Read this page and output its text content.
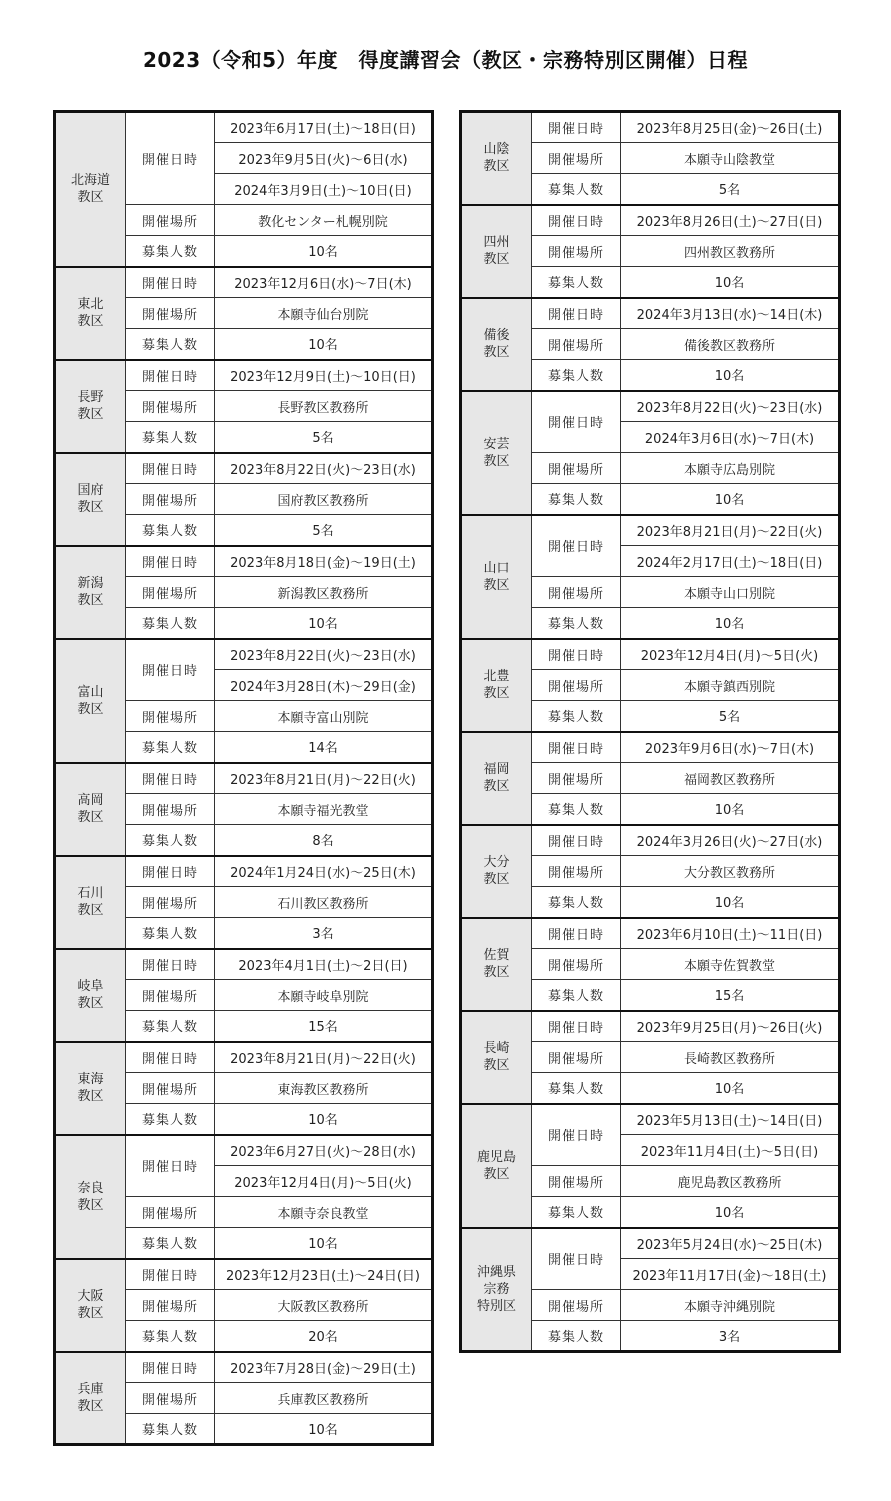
2023（令和5）年度　得度講習会（教区・宗務特別区開催）日程
北海道
教区	開催日時	2023年6月17日(土)～18日(日)
		2023年9月5日(火)～6日(水)
		2024年3月9日(土)～10日(日)
	開催場所	教化センター札幌別院
	募集人数	10名
東北
教区	開催日時	2023年12月6日(水)～7日(木)
	開催場所	本願寺仙台別院
	募集人数	10名
長野
教区	開催日時	2023年12月9日(土)～10日(日)
	開催場所	長野教区教務所
	募集人数	5名
国府
教区	開催日時	2023年8月22日(火)～23日(水)
	開催場所	国府教区教務所
	募集人数	5名
新潟
教区	開催日時	2023年8月18日(金)～19日(土)
	開催場所	新潟教区教務所
	募集人数	10名
富山
教区	開催日時	2023年8月22日(火)～23日(水)
		2024年3月28日(木)～29日(金)
	開催場所	本願寺富山別院
	募集人数	14名
高岡
教区	開催日時	2023年8月21日(月)～22日(火)
	開催場所	本願寺福光教堂
	募集人数	8名
石川
教区	開催日時	2024年1月24日(水)～25日(木)
	開催場所	石川教区教務所
	募集人数	3名
岐阜
教区	開催日時	2023年4月1日(土)～2日(日)
	開催場所	本願寺岐阜別院
	募集人数	15名
東海
教区	開催日時	2023年8月21日(月)～22日(火)
	開催場所	東海教区教務所
	募集人数	10名
奈良
教区	開催日時	2023年6月27日(火)～28日(水)
		2023年12月4日(月)～5日(火)
	開催場所	本願寺奈良教堂
	募集人数	10名
大阪
教区	開催日時	2023年12月23日(土)～24日(日)
	開催場所	大阪教区教務所
	募集人数	20名
兵庫
教区	開催日時	2023年7月28日(金)～29日(土)
	開催場所	兵庫教区教務所
	募集人数	10名
山陰
教区	開催日時	2023年8月25日(金)～26日(土)
	開催場所	本願寺山陰教堂
	募集人数	5名
四州
教区	開催日時	2023年8月26日(土)～27日(日)
	開催場所	四州教区教務所
	募集人数	10名
備後
教区	開催日時	2024年3月13日(水)～14日(木)
	開催場所	備後教区教務所
	募集人数	10名
安芸
教区	開催日時	2023年8月22日(火)～23日(水)
		2024年3月6日(水)～7日(木)
	開催場所	本願寺広島別院
	募集人数	10名
山口
教区	開催日時	2023年8月21日(月)～22日(火)
		2024年2月17日(土)～18日(日)
	開催場所	本願寺山口別院
	募集人数	10名
北豊
教区	開催日時	2023年12月4日(月)～5日(火)
	開催場所	本願寺鎮西別院
	募集人数	5名
福岡
教区	開催日時	2023年9月6日(水)～7日(木)
	開催場所	福岡教区教務所
	募集人数	10名
大分
教区	開催日時	2024年3月26日(火)～27日(水)
	開催場所	大分教区教務所
	募集人数	10名
佐賀
教区	開催日時	2023年6月10日(土)～11日(日)
	開催場所	本願寺佐賀教堂
	募集人数	15名
長崎
教区	開催日時	2023年9月25日(月)～26日(火)
	開催場所	長崎教区教務所
	募集人数	10名
鹿児島
教区	開催日時	2023年5月13日(土)～14日(日)
		2023年11月4日(土)～5日(日)
	開催場所	鹿児島教区教務所
	募集人数	10名
沖縄県
宗務
特別区	開催日時	2023年5月24日(水)～25日(木)
		2023年11月17日(金)～18日(土)
	開催場所	本願寺沖縄別院
	募集人数	3名
